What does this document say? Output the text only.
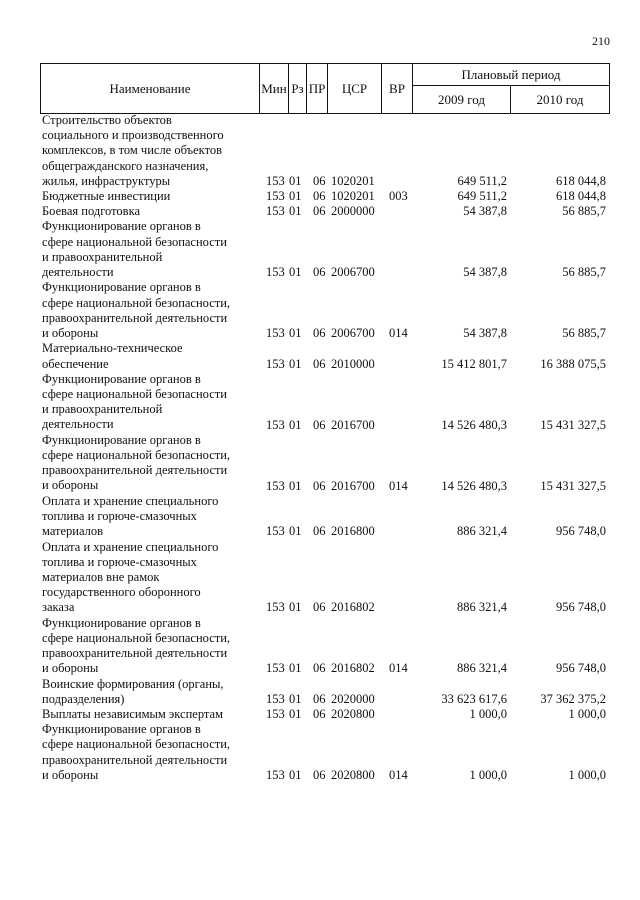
210
Наименование	Мин Рз ПР	ЦСР	ВР
Плановый период
2009 год	2010 год
Строительство объектов
социального и производственного
комплексов, в том числе объектов
общегражданского назначения,
жилья, инфраструктуры	153 01 06 1020201	649 511,2	618 044,8
Бюджетные инвестиции	153 01 06 1020201 003	649 511,2	618 044,8
Боевая подготовка	153 01 06 2000000	54 387,8	56 885,7
Функционирование органов в
сфере национальной безопасности
и правоохранительной
деятельности	153 01 06 2006700	54 387,8	56 885,7
Функционирование органов в
сфере национальной безопасности,
правоохранительной деятельности
и обороны	153 01 06 2006700 014	54 387,8	56 885,7
Материально-техническое
обеспечение	153 01 06 2010000	15 412 801,7	16 388 075,5
Функционирование органов в
сфере национальной безопасности
и правоохранительной
деятельности	153 01 06 2016700	14 526 480,3	15 431 327,5
Функционирование органов в
сфере национальной безопасности,
правоохранительной деятельности
и обороны	153 01 06 2016700 014	14 526 480,3	15 431 327,5
Оплата и хранение специального
топлива и горюче-смазочных
материалов	153 01 06 2016800	886 321,4	956 748,0
Оплата и хранение специального
топлива и горюче-смазочных
материалов вне рамок
государственного оборонного
заказа	153 01 06 2016802	886 321,4	956 748,0
Функционирование органов в
сфере национальной безопасности,
правоохранительной деятельности
и обороны	153 01 06 2016802 014	886 321,4	956 748,0
Воинские формирования (органы,
подразделения)	153 01 06 2020000	33 623 617,6	37 362 375,2
Выплаты независимым экспертам	153 01 06 2020800	1 000,0	1 000,0
Функционирование органов в
сфере национальной безопасности,
правоохранительной деятельности
и обороны	153 01 06 2020800 014	1 000,0	1 000,0
